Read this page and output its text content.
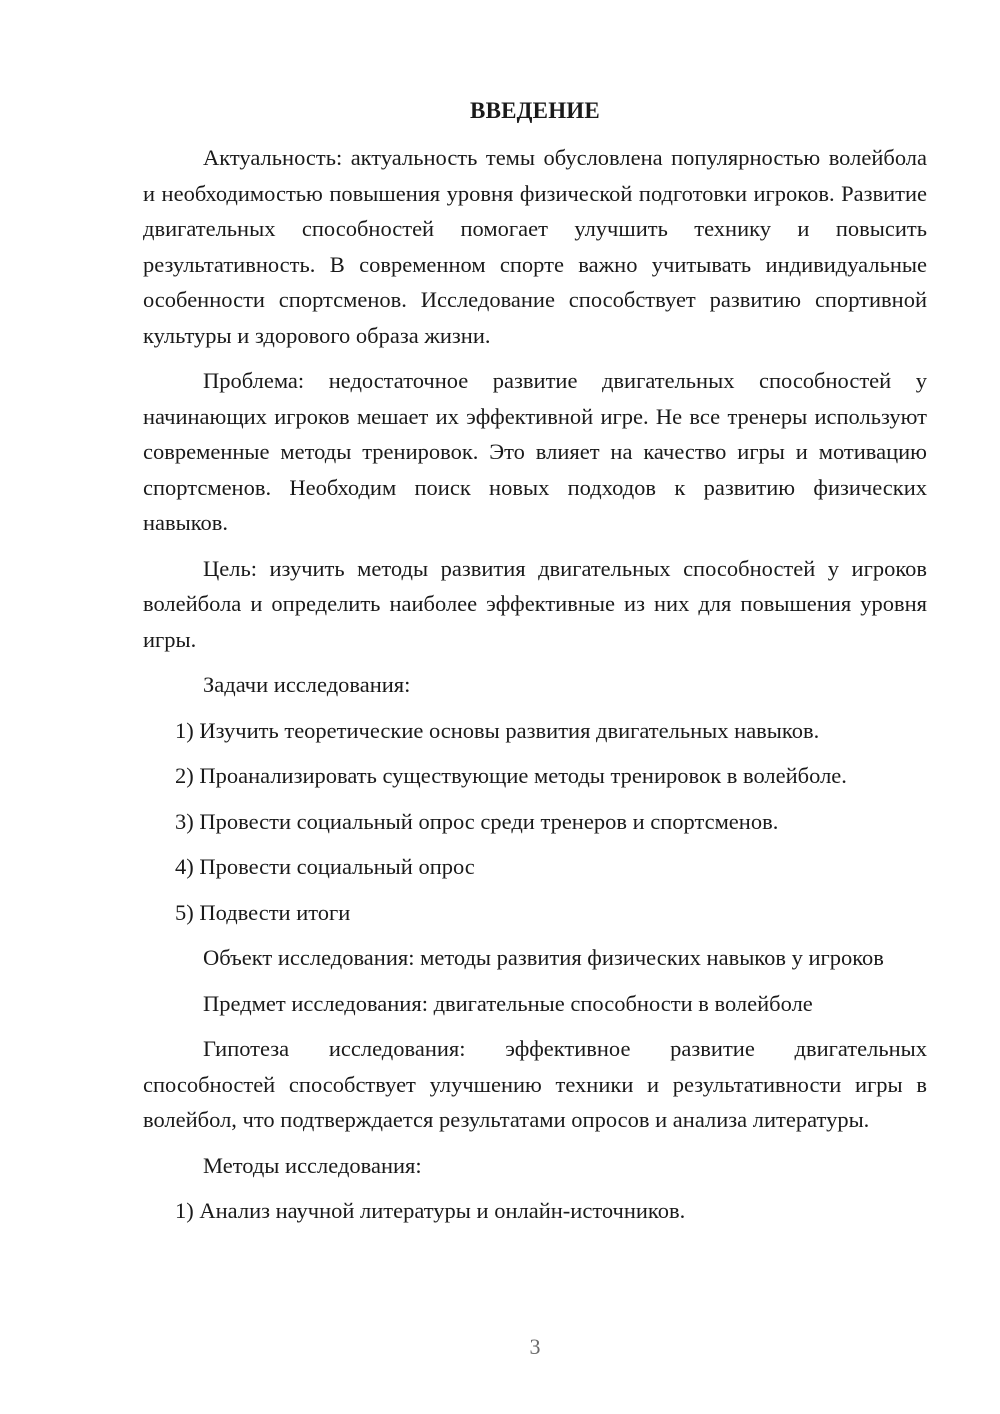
ВВЕДЕНИЕ

Актуальность: актуальность темы обусловлена популярностью волейбола и необходимостью повышения уровня физической подготовки игроков. Развитие двигательных способностей помогает улучшить технику и повысить результативность. В современном спорте важно учитывать индивидуальные особенности спортсменов. Исследование способствует развитию спортивной культуры и здорового образа жизни.

Проблема: недостаточное развитие двигательных способностей у начинающих игроков мешает их эффективной игре. Не все тренеры используют современные методы тренировок. Это влияет на качество игры и мотивацию спортсменов. Необходим поиск новых подходов к развитию физических навыков.

Цель: изучить методы развития двигательных способностей у игроков волейбола и определить наиболее эффективные из них для повышения уровня игры.

Задачи исследования:

1) Изучить теоретические основы развития двигательных навыков.
2) Проанализировать существующие методы тренировок в волейболе.
3) Провести социальный опрос среди тренеров и спортсменов.
4) Провести социальный опрос
5) Подвести итоги

Объект исследования: методы развития физических навыков у игроков

Предмет исследования: двигательные способности в волейболе

Гипотеза исследования: эффективное развитие двигательных способностей способствует улучшению техники и результативности игры в волейбол, что подтверждается результатами опросов и анализа литературы.

Методы исследования:

1) Анализ научной литературы и онлайн-источников.
3
